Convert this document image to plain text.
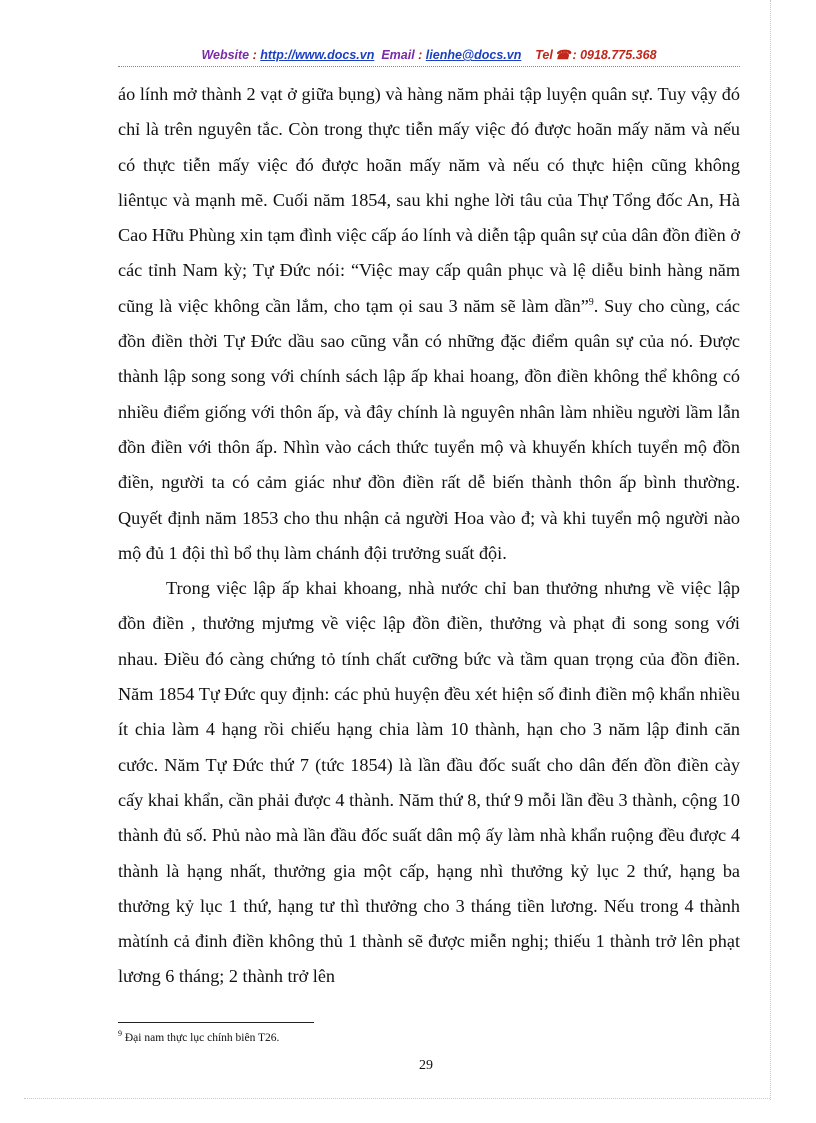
Website : http://www.docs.vn Email : lienhe@docs.vn Tel ☎ : 0918.775.368

áo lính mở thành 2 vạt ở giữa bụng) và hàng năm phải tập luyện quân sự. Tuy vậy đó chỉ là trên nguyên tắc. Còn trong thực tiễn mấy việc đó được hoãn mấy năm và nếu có thực tiễn mấy việc đó được hoãn mấy năm và nếu có thực hiện cũng không liêntục và mạnh mẽ. Cuối năm 1854, sau khi nghe lời tâu của Thự Tổng đốc An, Hà Cao Hữu Phùng xin tạm đình việc cấp áo lính và diễn tập quân sự của dân đồn điền ở các tỉnh Nam kỳ; Tự Đức nói: “Việc may cấp quân phục và lệ diễu binh hàng năm cũng là việc không cần lắm, cho tạm ọi sau 3 năm sẽ làm dần”$^9$. Suy cho cùng, các đồn điền thời Tự Đức dầu sao cũng vẫn có những đặc điểm quân sự của nó. Được thành lập song song với chính sách lập ấp khai hoang, đồn điền không thể không có nhiều điểm giống với thôn ấp, và đây chính là nguyên nhân làm nhiều người lầm lẫn đồn điền với thôn ấp. Nhìn vào cách thức tuyển mộ và khuyến khích tuyển mộ đồn điền, người ta có cảm giác như đồn điền rất dễ biến thành thôn ấp bình thường. Quyết định năm 1853 cho thu nhận cả người Hoa vào đ; và khi tuyển mộ người nào mộ đủ 1 đội thì bổ thụ làm chánh đội trưởng suất đội.

Trong việc lập ấp khai khoang, nhà nước chỉ ban thưởng nhưng về việc lập đồn điền , thưởng mjưmg về việc lập đồn điền, thưởng và phạt đi song song với nhau. Điều đó càng chứng tỏ tính chất cưỡng bức và tầm quan trọng của đồn điền. Năm 1854 Tự Đức quy định: các phủ huyện đều xét hiện số đinh điền mộ khẩn nhiều ít chia làm 4 hạng rồi chiếu hạng chia làm 10 thành, hạn cho 3 năm lập đinh căn cước. Năm Tự Đức thứ 7 (tức 1854) là lần đầu đốc suất cho dân đến đồn điền cày cấy khai khẩn, cần phải được 4 thành. Năm thứ 8, thứ 9 mỗi lần đều 3 thành, cộng 10 thành đủ số. Phủ nào mà lần đầu đốc suất dân mộ ấy làm nhà khẩn ruộng đều được 4 thành là hạng nhất, thưởng gia một cấp, hạng nhì thưởng kỷ lục 2 thứ, hạng ba thưởng kỷ lục 1 thứ, hạng tư thì thưởng cho 3 tháng tiền lương. Nếu trong 4 thành màtính cả đinh điền không thủ 1 thành sẽ được miễn nghị; thiếu 1 thành trở lên phạt lương 6 tháng; 2 thành trở lên

$^9$ Đại nam thực lục chính biên T26.
29
